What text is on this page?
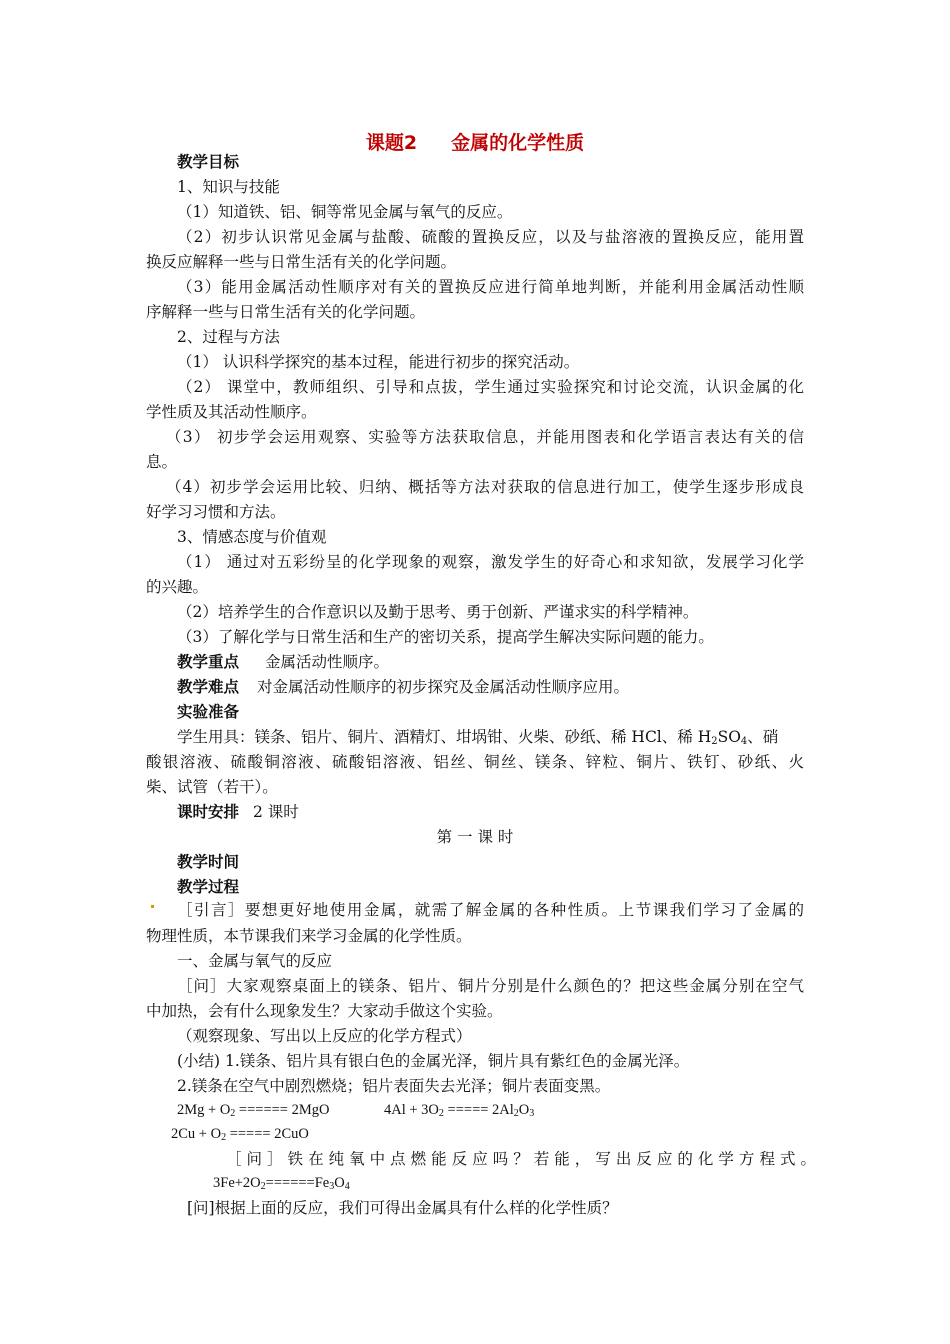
课题2 金属的化学性质
教学目标
1、知识与技能
（1）知道铁、铝、铜等常见金属与氧气的反应。
（2）初步认识常见金属与盐酸、硫酸的置换反应，以及与盐溶液的置换反应，能用置
换反应解释一些与日常生活有关的化学问题。
（3）能用金属活动性顺序对有关的置换反应进行简单地判断，并能利用金属活动性顺
序解释一些与日常生活有关的化学问题。
2、过程与方法
（1） 认识科学探究的基本过程，能进行初步的探究活动。
（2） 课堂中，教师组织、引导和点拔，学生通过实验探究和讨论交流，认识金属的化
学性质及其活动性顺序。
（3） 初步学会运用观察、实验等方法获取信息，并能用图表和化学语言表达有关的信
息。
（4）初步学会运用比较、归纳、概括等方法对获取的信息进行加工，使学生逐步形成良
好学习习惯和方法。
3、情感态度与价值观
（1） 通过对五彩纷呈的化学现象的观察，激发学生的好奇心和求知欲，发展学习化学
的兴趣。
（2）培养学生的合作意识以及勤于思考、勇于创新、严谨求实的科学精神。
（3）了解化学与日常生活和生产的密切关系，提高学生解决实际问题的能力。
教学重点 金属活动性顺序。
教学难点 对金属活动性顺序的初步探究及金属活动性顺序应用。
实验准备
学生用具：镁条、铝片、铜片、酒精灯、坩埚钳、火柴、砂纸、稀 HCl、稀 $H_2SO_4$、硝
酸银溶液、硫酸铜溶液、硫酸铝溶液、铝丝、铜丝、镁条、锌粒、铜片、铁钉、砂纸、火
柴、试管（若干）。
课时安排 2 课时
第 一 课 时
教学时间
教学过程
［引言］要想更好地使用金属，就需了解金属的各种性质。上节课我们学习了金属的
物理性质，本节课我们来学习金属的化学性质。
一、金属与氧气的反应
［问］大家观察桌面上的镁条、铝片、铜片分别是什么颜色的？把这些金属分别在空气
中加热，会有什么现象发生？大家动手做这个实验。
（观察现象、写出以上反应的化学方程式）
(小结) 1.镁条、铝片具有银白色的金属光泽，铜片具有紫红色的金属光泽。
2.镁条在空气中剧烈燃烧；铝片表面失去光泽；铜片表面变黑。
$2Mg + O_2$ ====== 2MgO	$4Al + 3O_2$ ===== $2Al_2O_3$
$2Cu + O_2$ ===== 2CuO
［问］铁在纯氧中点燃能反应吗？若能，写出反应的化学方程式。
$3Fe+2O_2======Fe_3O_4$
[问]根据上面的反应，我们可得出金属具有什么样的化学性质？
